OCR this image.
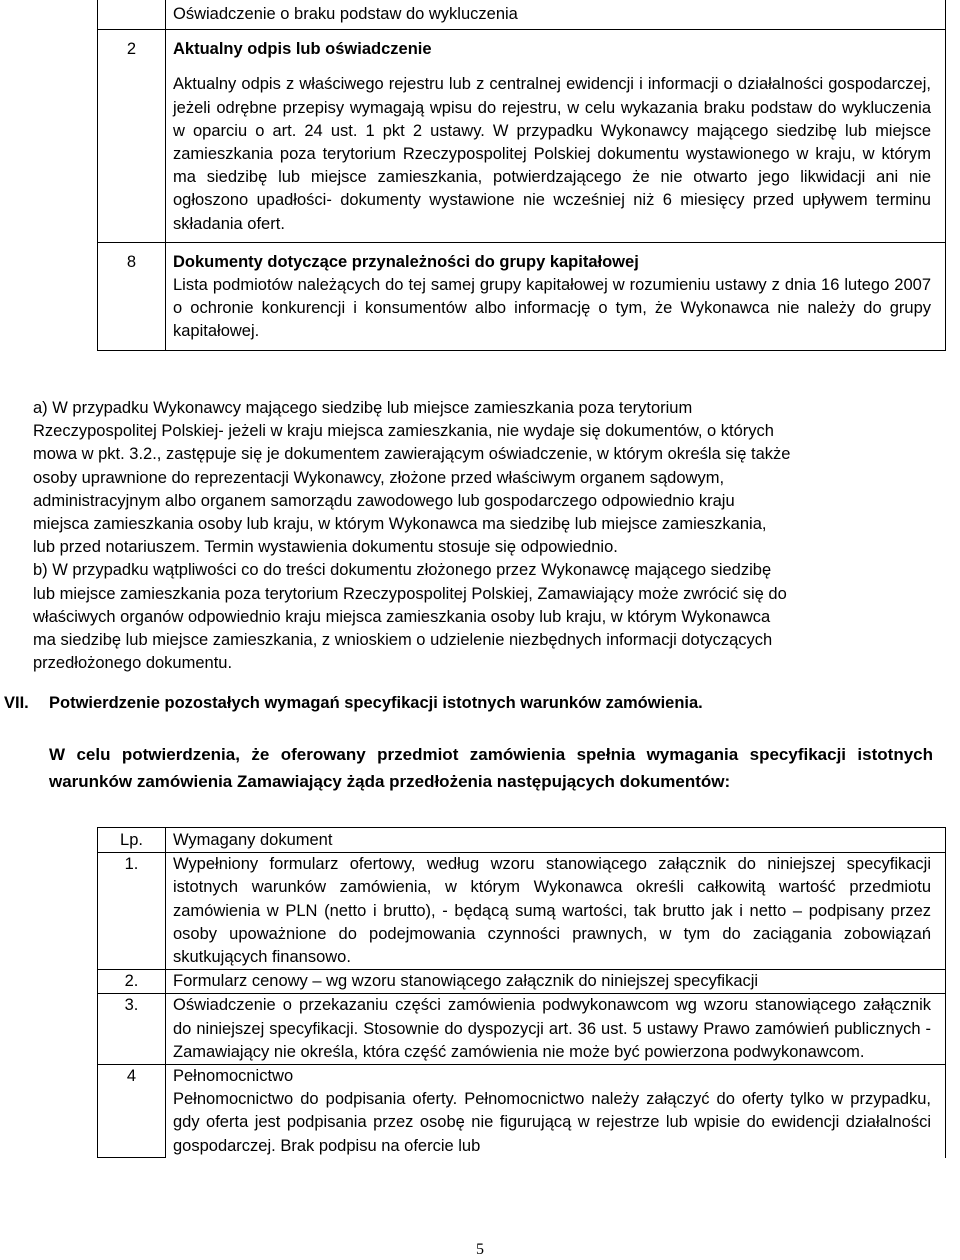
	Oświadczenie o braku podstaw do wykluczenia
2	Aktualny odpis lub oświadczenie
Aktualny odpis z właściwego rejestru lub z centralnej ewidencji i informacji o działalności gospodarczej, jeżeli odrębne przepisy wymagają wpisu do rejestru, w celu wykazania braku podstaw do wykluczenia w oparciu o art. 24 ust. 1 pkt 2 ustawy. W przypadku Wykonawcy mającego siedzibę lub miejsce zamieszkania poza terytorium Rzeczypospolitej Polskiej dokumentu wystawionego w kraju, w którym ma siedzibę lub miejsce zamieszkania, potwierdzającego że nie otwarto jego likwidacji ani nie ogłoszono upadłości- dokumenty wystawione nie wcześniej niż 6 miesięcy przed upływem terminu składania ofert.

8	Dokumenty dotyczące przynależności do grupy kapitałowej
Lista podmiotów należących do tej samej grupy kapitałowej w rozumieniu ustawy z dnia 16 lutego 2007 o ochronie konkurencji i konsumentów albo informację o tym, że Wykonawca nie należy do grupy kapitałowej.
a) W przypadku Wykonawcy mającego siedzibę lub miejsce zamieszkania poza terytorium
Rzeczypospolitej Polskiej- jeżeli w kraju miejsca zamieszkania, nie wydaje się dokumentów, o których
mowa w pkt. 3.2., zastępuje się je dokumentem zawierającym oświadczenie, w którym określa się także
osoby uprawnione do reprezentacji Wykonawcy, złożone przed właściwym organem sądowym,
administracyjnym albo organem samorządu zawodowego lub gospodarczego odpowiednio kraju
miejsca zamieszkania osoby lub kraju, w którym Wykonawca ma siedzibę lub miejsce zamieszkania,
lub przed notariuszem. Termin wystawienia dokumentu stosuje się odpowiednio.
b) W przypadku wątpliwości co do treści dokumentu złożonego przez Wykonawcę mającego siedzibę
lub miejsce zamieszkania poza terytorium Rzeczypospolitej Polskiej, Zamawiający może zwrócić się do
właściwych organów odpowiednio kraju miejsca zamieszkania osoby lub kraju, w którym Wykonawca
ma siedzibę lub miejsce zamieszkania, z wnioskiem o udzielenie niezbędnych informacji dotyczących
przedłożonego dokumentu.
VII. Potwierdzenie pozostałych wymagań specyfikacji istotnych warunków zamówienia.
W celu potwierdzenia, że oferowany przedmiot zamówienia spełnia wymagania specyfikacji istotnych warunków zamówienia Zamawiający żąda przedłożenia następujących dokumentów:
Lp.	Wymagany dokument
1.	Wypełniony formularz ofertowy, według wzoru stanowiącego załącznik do niniejszej specyfikacji istotnych warunków zamówienia, w którym Wykonawca określi całkowitą wartość przedmiotu zamówienia w PLN (netto i brutto), - będącą sumą wartości, tak brutto jak i netto – podpisany przez osoby upoważnione do podejmowania czynności prawnych, w tym do zaciągania zobowiązań skutkujących finansowo.
2.	Formularz cenowy – wg wzoru stanowiącego załącznik do niniejszej specyfikacji
3.	Oświadczenie o przekazaniu części zamówienia podwykonawcom wg wzoru stanowiącego załącznik do niniejszej specyfikacji. Stosownie do dyspozycji art. 36 ust. 5 ustawy Prawo zamówień publicznych - Zamawiający nie określa, która część zamówienia nie może być powierzona podwykonawcom.
4	Pełnomocnictwo
Pełnomocnictwo do podpisania oferty. Pełnomocnictwo należy załączyć do oferty tylko w przypadku, gdy oferta jest podpisania przez osobę nie figurującą w rejestrze lub wpisie do ewidencji działalności gospodarczej. Brak podpisu na ofercie lub
5
